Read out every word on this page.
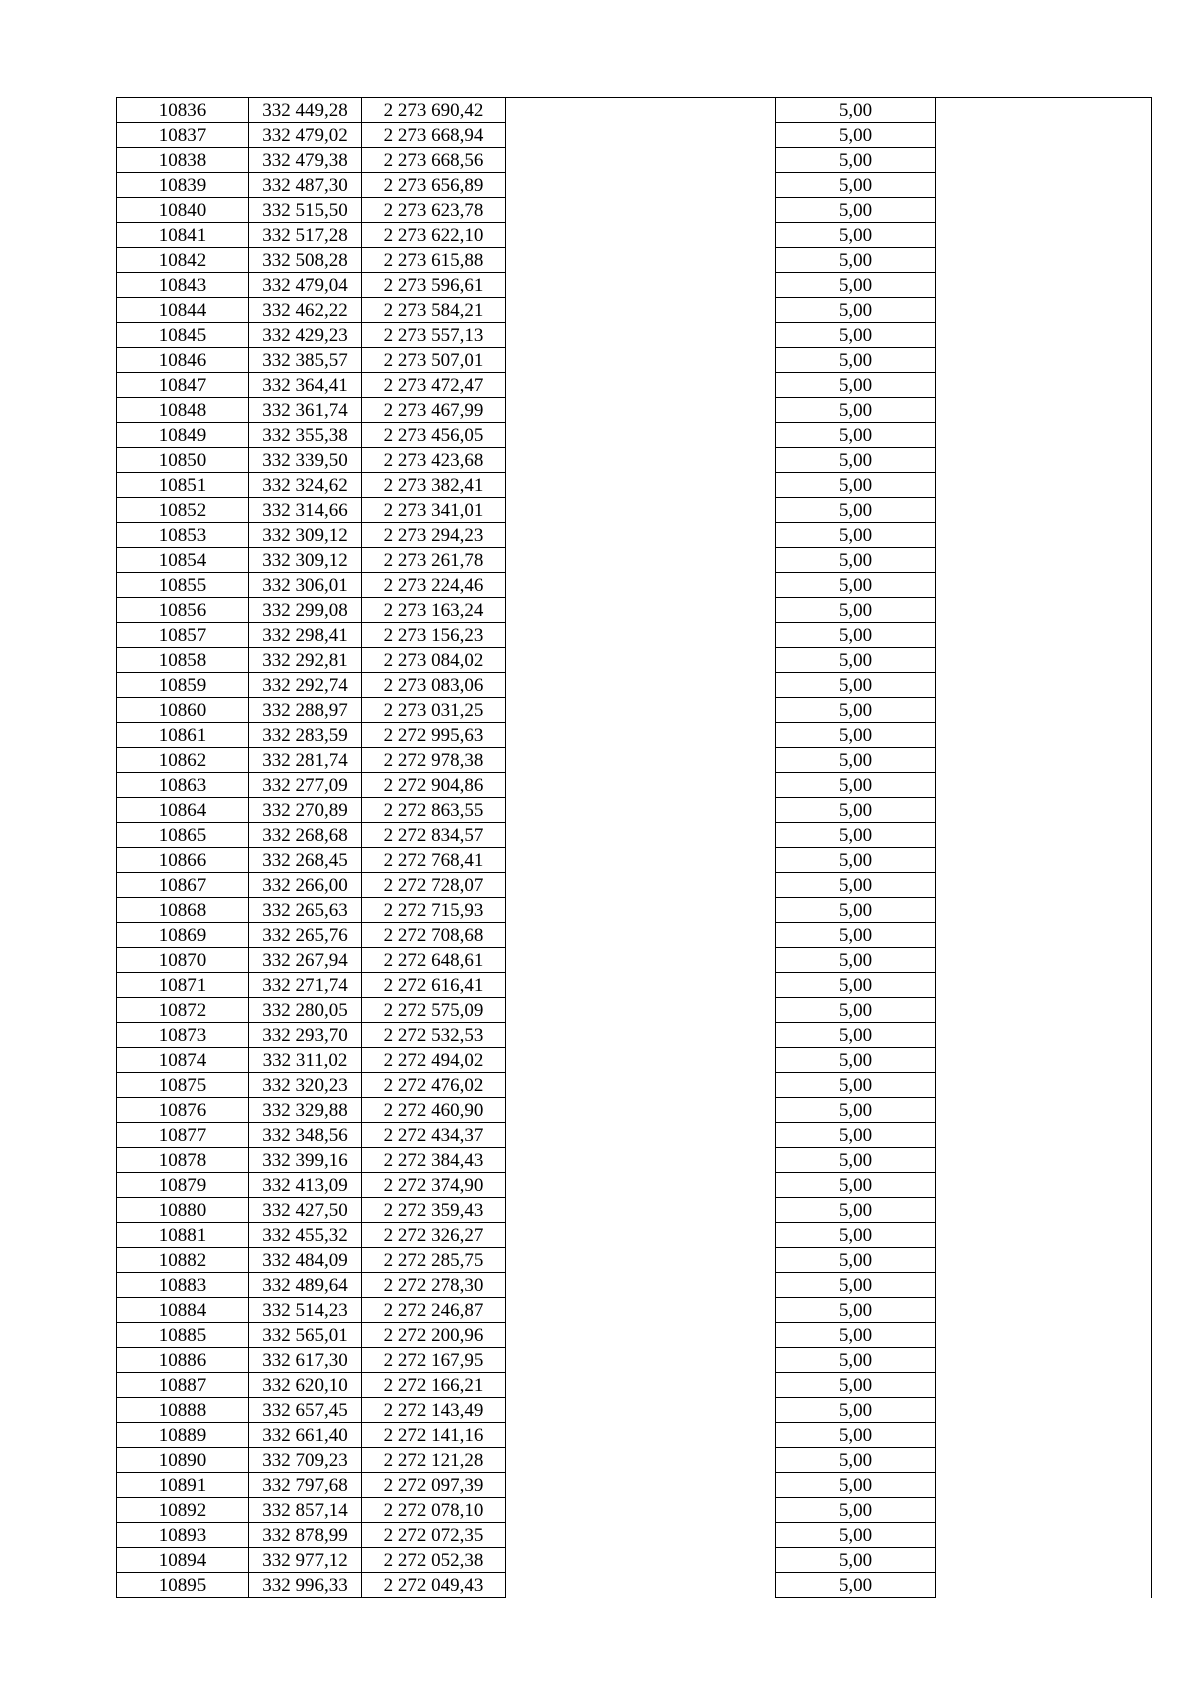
10836	332 449,28	2 273 690,42		5,00	
10837	332 479,02	2 273 668,94		5,00	
10838	332 479,38	2 273 668,56		5,00	
10839	332 487,30	2 273 656,89		5,00	
10840	332 515,50	2 273 623,78		5,00	
10841	332 517,28	2 273 622,10		5,00	
10842	332 508,28	2 273 615,88		5,00	
10843	332 479,04	2 273 596,61		5,00	
10844	332 462,22	2 273 584,21		5,00	
10845	332 429,23	2 273 557,13		5,00	
10846	332 385,57	2 273 507,01		5,00	
10847	332 364,41	2 273 472,47		5,00	
10848	332 361,74	2 273 467,99		5,00	
10849	332 355,38	2 273 456,05		5,00	
10850	332 339,50	2 273 423,68		5,00	
10851	332 324,62	2 273 382,41		5,00	
10852	332 314,66	2 273 341,01		5,00	
10853	332 309,12	2 273 294,23		5,00	
10854	332 309,12	2 273 261,78		5,00	
10855	332 306,01	2 273 224,46		5,00	
10856	332 299,08	2 273 163,24		5,00	
10857	332 298,41	2 273 156,23		5,00	
10858	332 292,81	2 273 084,02		5,00	
10859	332 292,74	2 273 083,06		5,00	
10860	332 288,97	2 273 031,25		5,00	
10861	332 283,59	2 272 995,63		5,00	
10862	332 281,74	2 272 978,38		5,00	
10863	332 277,09	2 272 904,86		5,00	
10864	332 270,89	2 272 863,55		5,00	
10865	332 268,68	2 272 834,57		5,00	
10866	332 268,45	2 272 768,41		5,00	
10867	332 266,00	2 272 728,07		5,00	
10868	332 265,63	2 272 715,93		5,00	
10869	332 265,76	2 272 708,68		5,00	
10870	332 267,94	2 272 648,61		5,00	
10871	332 271,74	2 272 616,41		5,00	
10872	332 280,05	2 272 575,09		5,00	
10873	332 293,70	2 272 532,53		5,00	
10874	332 311,02	2 272 494,02		5,00	
10875	332 320,23	2 272 476,02		5,00	
10876	332 329,88	2 272 460,90		5,00	
10877	332 348,56	2 272 434,37		5,00	
10878	332 399,16	2 272 384,43		5,00	
10879	332 413,09	2 272 374,90		5,00	
10880	332 427,50	2 272 359,43		5,00	
10881	332 455,32	2 272 326,27		5,00	
10882	332 484,09	2 272 285,75		5,00	
10883	332 489,64	2 272 278,30		5,00	
10884	332 514,23	2 272 246,87		5,00	
10885	332 565,01	2 272 200,96		5,00	
10886	332 617,30	2 272 167,95		5,00	
10887	332 620,10	2 272 166,21		5,00	
10888	332 657,45	2 272 143,49		5,00	
10889	332 661,40	2 272 141,16		5,00	
10890	332 709,23	2 272 121,28		5,00	
10891	332 797,68	2 272 097,39		5,00	
10892	332 857,14	2 272 078,10		5,00	
10893	332 878,99	2 272 072,35		5,00	
10894	332 977,12	2 272 052,38		5,00	
10895	332 996,33	2 272 049,43		5,00	
